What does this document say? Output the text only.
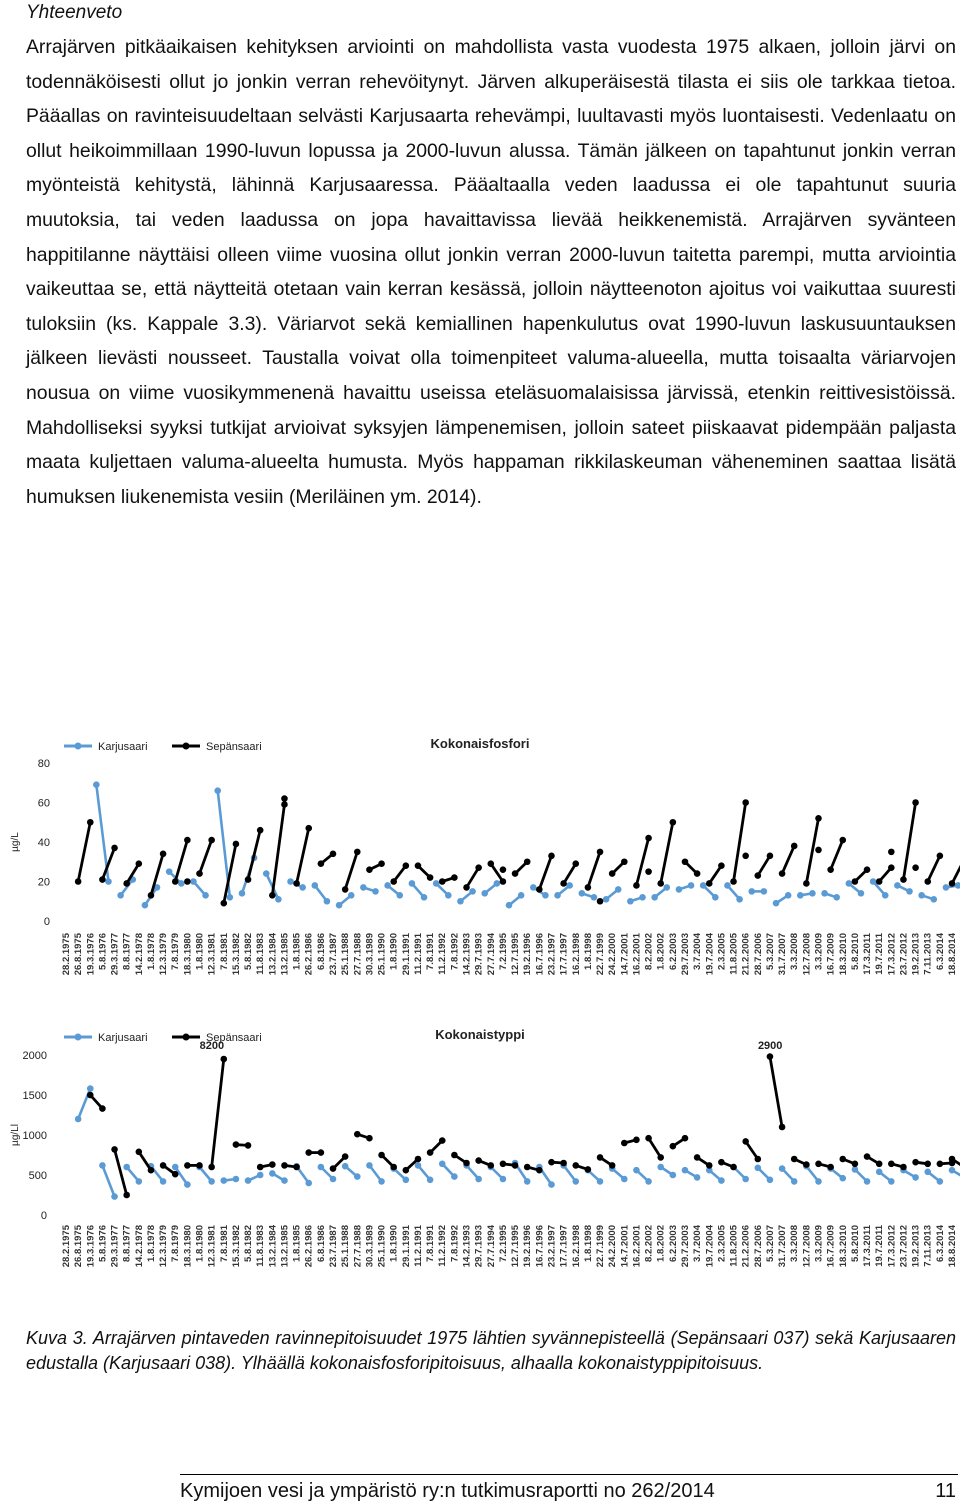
Yhteenveto
Arrajärven pitkäaikaisen kehityksen arviointi on mahdollista vasta vuodesta 1975 alkaen, jolloin järvi on todennäköisesti ollut jo jonkin verran rehevöitynyt. Järven alkuperäisestä tilasta ei siis ole tarkkaa tietoa. Pääallas on ravinteisuudeltaan selvästi Karjusaarta rehevämpi, luultavasti myös luontaisesti. Vedenlaatu on ollut heikoimmillaan 1990-luvun lopussa ja 2000-luvun alussa. Tämän jälkeen on tapahtunut jonkin verran myönteistä kehitystä, lähinnä Karjusaaressa. Pääaltaalla veden laadussa ei ole tapahtunut suuria muutoksia, tai veden laadussa on jopa havaittavissa lievää heikkenemistä. Arrajärven syvänteen happitilanne näyttäisi olleen viime vuosina ollut jonkin verran 2000-luvun taitetta parempi, mutta arviointia vaikeuttaa se, että näytteitä otetaan vain kerran kesässä, jolloin näytteenoton ajoitus voi vaikuttaa suuresti tuloksiin (ks. Kappale 3.3). Väriarvot sekä kemiallinen hapenkulutus ovat 1990-luvun laskusuuntauksen jälkeen lievästi nousseet. Taustalla voivat olla toimenpiteet valuma-alueella, mutta toisaalta väriarvojen nousua on viime vuosikymmenenä havaittu useissa eteläsuomalaisissa järvissä, etenkin reittivesistöissä. Mahdolliseksi syyksi tutkijat arvioivat syksyjen lämpenemisen, jolloin sateet piiskaavat pidempään paljasta maata kuljettaen valuma-alueelta humusta. Myös happaman rikkilaskeuman väheneminen saattaa lisätä humuksen liukenemista vesiin (Meriläinen ym. 2014).
Kokonaisfosfori
Karjusaari	Sepänsaari
µg/L
0
20
40
60
80
28.2.1975 26.8.1975 19.3.1976 5.8.1976 29.3.1977 8.8.1977 14.2.1978 1.8.1978 12.3.1979 7.8.1979 18.3.1980 1.8.1980 12.3.1981 7.8.1981 15.3.1982 5.8.1982 11.8.1983 13.2.1984 13.2.1985 1.8.1985 26.2.1986 6.8.1986 23.7.1987 25.1.1988 27.7.1988 30.3.1989 25.1.1990 1.8.1990 29.1.1991 11.2.1991 7.8.1991 11.2.1992 7.8.1992 14.2.1993 29.7.1993 27.7.1994 7.2.1995 12.7.1995 19.2.1996 16.7.1996 23.2.1997 17.7.1997 16.2.1998 1.8.1998 22.7.1999 24.2.2000 14.7.2001 16.2.2001 8.2.2002 1.8.2002 6.2.2003 29.7.2003 3.7.2004 19.7.2004 2.3.2005 11.8.2005 21.2.2006 28.7.2006 5.3.2007 31.7.2007 3.3.2008 12.7.2008 3.3.2009 16.7.2009 18.3.2010 5.8.2010 17.3.2011 19.7.2011 17.3.2012 23.7.2012 19.2.2013 7.11.2013 6.3.2014 18.8.2014
Kokonaistyppi
Karjusaari	Sepänsaari
µg/Ll
0
500
1000
1500
2000
28.2.1975 26.8.1975 19.3.1976 5.8.1976 29.3.1977 8.8.1977 14.2.1978 1.8.1978 12.3.1979 7.8.1979 18.3.1980 1.8.1980 12.3.1981 7.8.1981 15.3.1982 5.8.1982 11.8.1983 13.2.1984 13.2.1985 1.8.1985 26.2.1986 6.8.1986 23.7.1987 25.1.1988 27.7.1988 30.3.1989 25.1.1990 1.8.1990 29.1.1991 11.2.1991 7.8.1991 11.2.1992 7.8.1992 14.2.1993 29.7.1993 27.7.1994 7.2.1995 12.7.1995 19.2.1996 16.7.1996 23.2.1997 17.7.1997 16.2.1998 1.8.1998 22.7.1999 24.2.2000 14.7.2001 16.2.2001 8.2.2002 1.8.2002 6.2.2003 29.7.2003 3.7.2004 19.7.2004 2.3.2005 11.8.2005 21.2.2006 28.7.2006 5.3.2007 31.7.2007 3.3.2008 12.7.2008 3.3.2009 16.7.2009 18.3.2010 5.8.2010 17.3.2011 19.7.2011 17.3.2012 23.7.2012 19.2.2013 7.11.2013 6.3.2014 18.8.2014
8200	2900
Kuva 3. Arrajärven pintaveden ravinnepitoisuudet 1975 lähtien syvännepisteellä (Sepänsaari 037) sekä Karjusaaren edustalla (Karjusaari 038). Ylhäällä kokonaisfosforipitoisuus, alhaalla kokonaistyppipitoisuus.
Kymijoen vesi ja ympäristö ry:n tutkimusraportti no 262/2014	11
